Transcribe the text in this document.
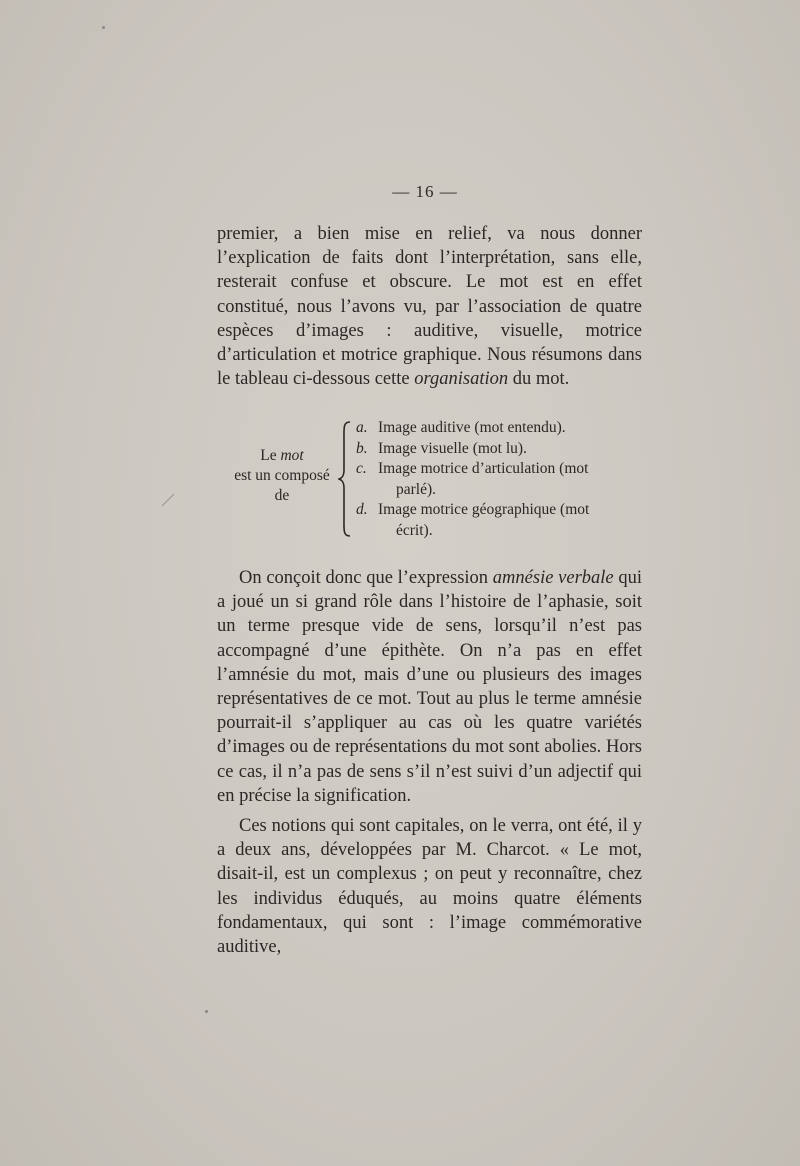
— 16 —

premier, a bien mise en relief, va nous donner l’explication de faits dont l’interprétation, sans elle, resterait confuse et obscure. Le mot est en effet constitué, nous l’avons vu, par l’association de quatre espèces d’images : auditive, visuelle, motrice d’articulation et motrice graphique. Nous résumons dans le tableau ci-dessous cette organisation du mot.

Le mot
est un composé
de
a. Image auditive (mot entendu).
b. Image visuelle (mot lu).
c. Image motrice d’articulation (mot
parlé).
d. Image motrice géographique (mot
écrit).

On conçoit donc que l’expression amnésie verbale qui a joué un si grand rôle dans l’histoire de l’aphasie, soit un terme presque vide de sens, lorsqu’il n’est pas accompagné d’une épithète. On n’a pas en effet l’amnésie du mot, mais d’une ou plusieurs des images représentatives de ce mot. Tout au plus le terme amnésie pourrait-il s’appliquer au cas où les quatre variétés d’images ou de représentations du mot sont abolies. Hors ce cas, il n’a pas de sens s’il n’est suivi d’un adjectif qui en précise la signification.

Ces notions qui sont capitales, on le verra, ont été, il y a deux ans, développées par M. Charcot. « Le mot, disait-il, est un complexus ; on peut y reconnaître, chez les individus éduqués, au moins quatre éléments fondamentaux, qui sont : l’image commémorative auditive,
